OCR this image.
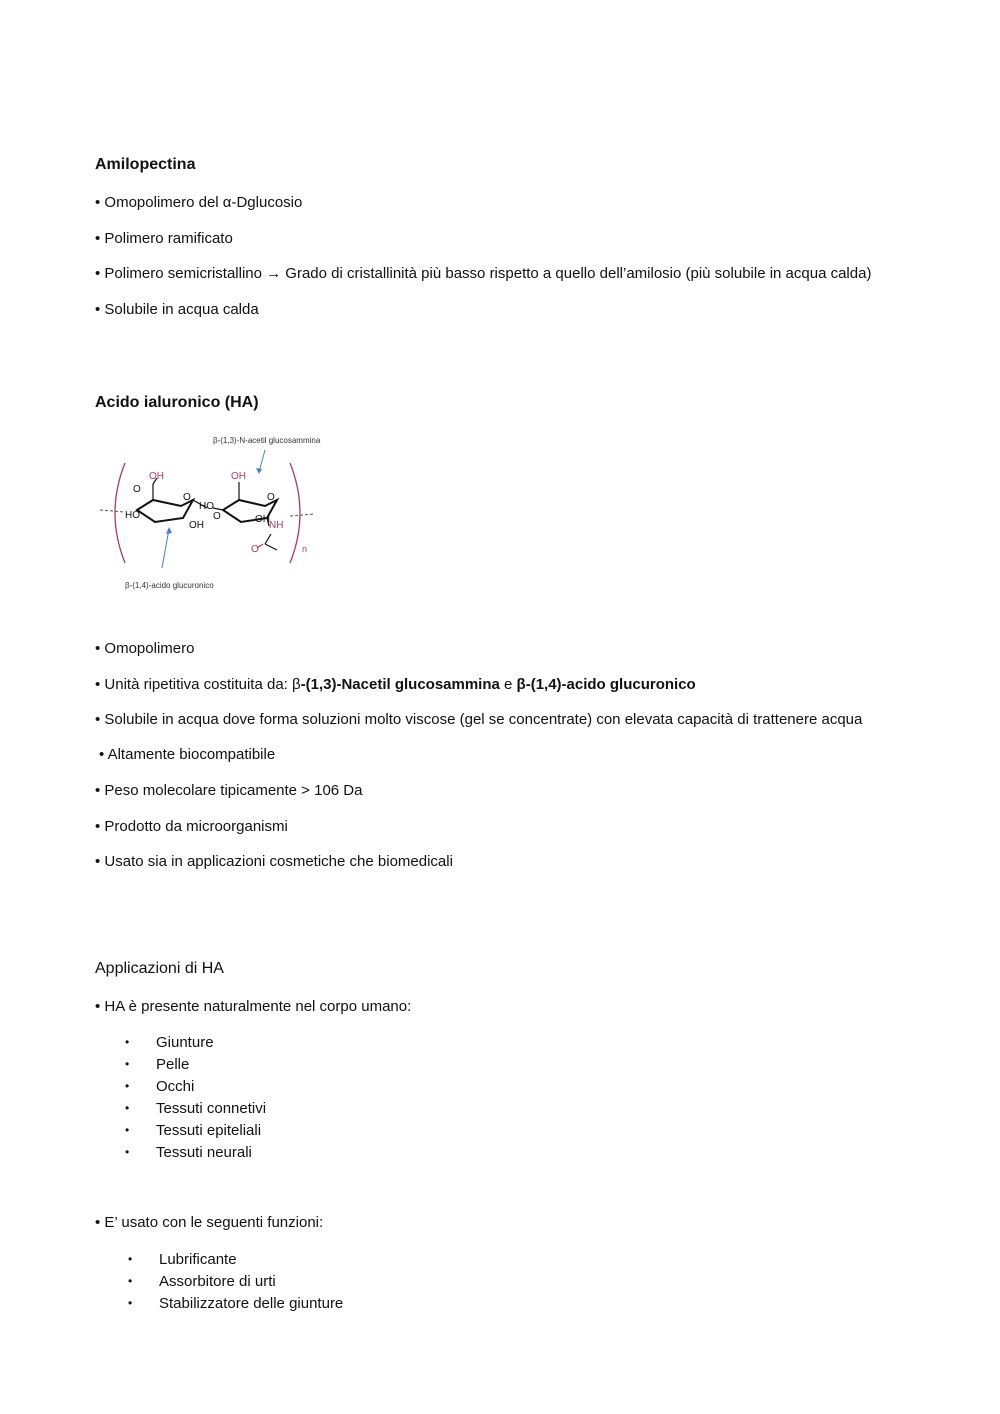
Amilopectina
• Omopolimero del α-Dglucosio
• Polimero ramificato
• Polimero semicristallino → Grado di cristallinità più basso rispetto a quello dell’amilosio (più solubile in acqua calda)
• Solubile in acqua calda
Acido ialuronico (HA)
β-(1,3)-N-acetil glucosammina
β-(1,4)-acido glucuronico
OH	OH
O
O	O
O
HO
HO
OH
OH
NH
O	n
• Omopolimero
• Unità ripetitiva costituita da: β-(1,3)-Nacetil glucosammina e β-(1,4)-acido glucuronico
• Solubile in acqua dove forma soluzioni molto viscose (gel se concentrate) con elevata capacità di trattenere acqua
• Altamente biocompatibile
• Peso molecolare tipicamente > 106 Da
• Prodotto da microorganismi
• Usato sia in applicazioni cosmetiche che biomedicali
Applicazioni di HA
• HA è presente naturalmente nel corpo umano:
• Giunture
• Pelle
• Occhi
• Tessuti connetivi
• Tessuti epiteliali
• Tessuti neurali
• E’ usato con le seguenti funzioni:
• Lubrificante
• Assorbitore di urti
• Stabilizzatore delle giunture
